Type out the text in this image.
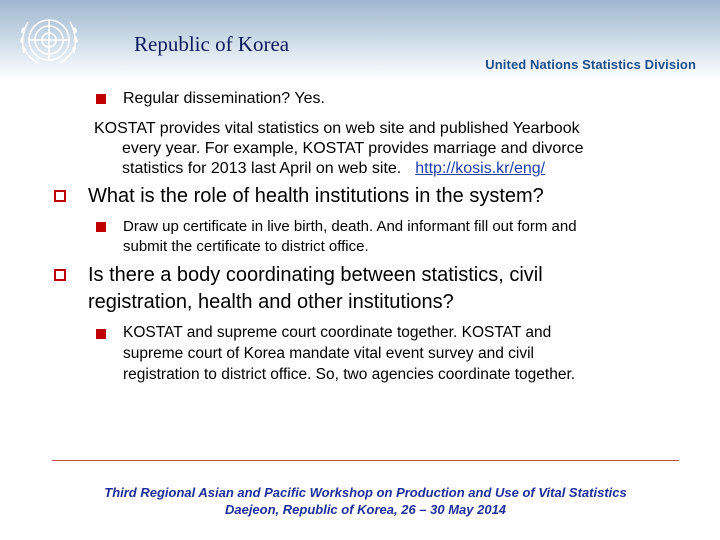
Republic of Korea
United Nations Statistics Division
Regular dissemination? Yes.
KOSTAT provides vital statistics on web site and published Yearbook
every year. For example, KOSTAT provides marriage and divorce
statistics for 2013 last April on web site. http://kosis.kr/eng/
What is the role of health institutions in the system?
Draw up certificate in live birth, death. And informant fill out form and
submit the certificate to district office.
Is there a body coordinating between statistics, civil
registration, health and other institutions?
KOSTAT and supreme court coordinate together. KOSTAT and
supreme court of Korea mandate vital event survey and civil
registration to district office. So, two agencies coordinate together.
Third Regional Asian and Pacific Workshop on Production and Use of Vital Statistics
Daejeon, Republic of Korea, 26 – 30 May 2014
